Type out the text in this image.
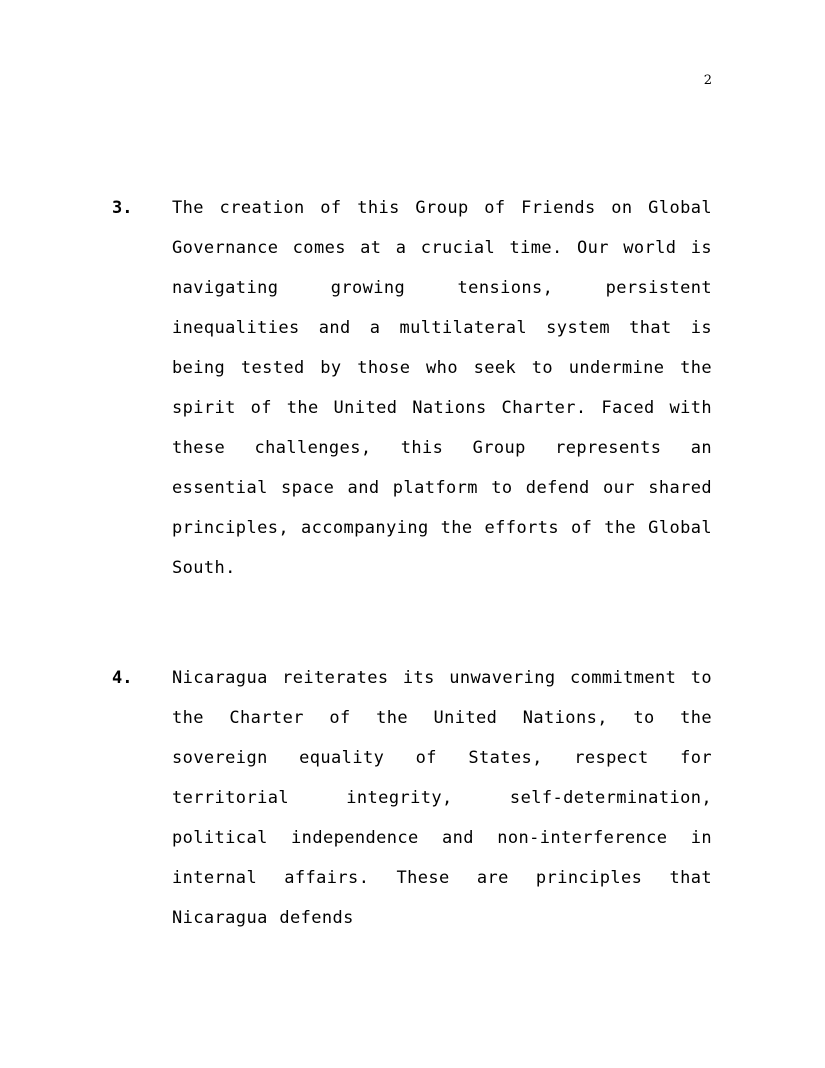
2
3.	The creation of this Group of Friends on Global Governance comes at a crucial time. Our world is navigating growing tensions, persistent inequalities and a multilateral system that is being tested by those who seek to undermine the spirit of the United Nations Charter. Faced with these challenges, this Group represents an essential space and platform to defend our shared principles, accompanying the efforts of the Global South.
4.	Nicaragua reiterates its unwavering commitment to the Charter of the United Nations, to the sovereign equality of States, respect for territorial integrity, self-determination, political independence and non-interference in internal affairs. These are principles that Nicaragua defends
